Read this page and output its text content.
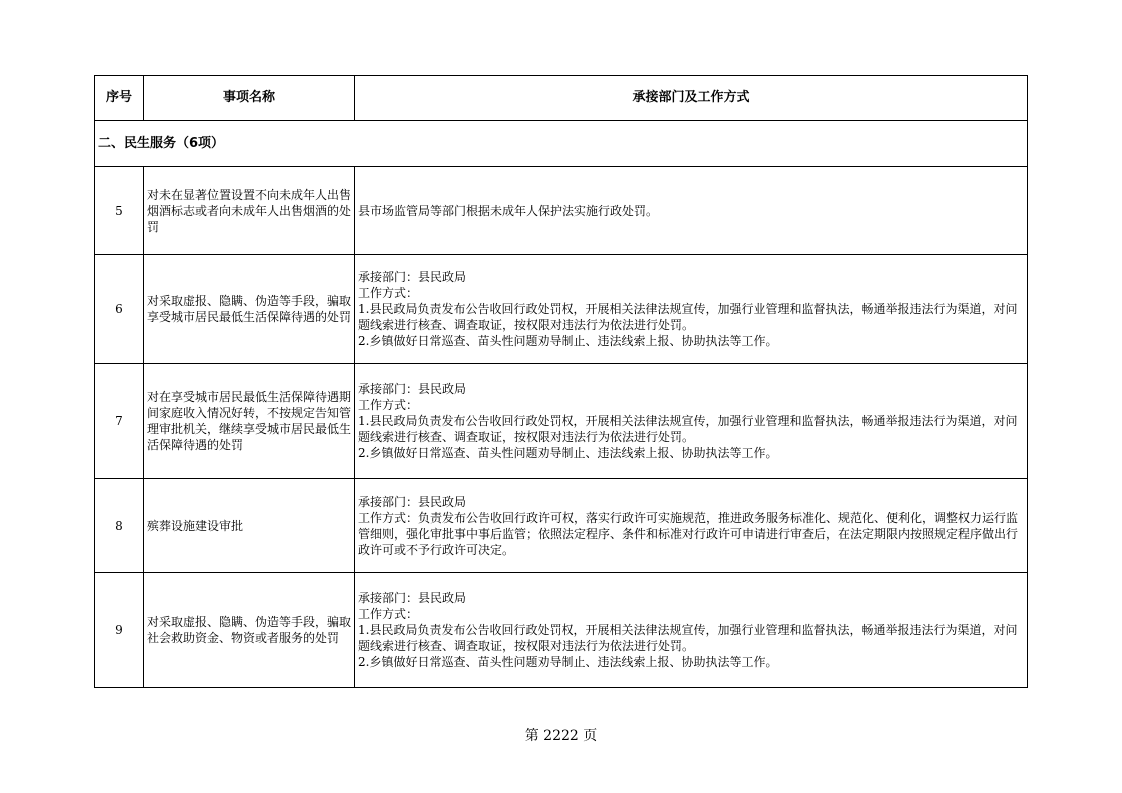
序号	事项名称	承接部门及工作方式
二、民生服务（6项）		
5	对未在显著位置设置不向未成年人出售烟酒标志或者向未成年人出售烟酒的处罚	县市场监管局等部门根据未成年人保护法实施行政处罚。

6	对采取虚报、隐瞒、伪造等手段，骗取享受城市居民最低生活保障待遇的处罚	承接部门：县民政局
工作方式：
1.县民政局负责发布公告收回行政处罚权，开展相关法律法规宣传，加强行业管理和监督执法，畅通举报违法行为渠道，对问题线索进行核查、调查取证，按权限对违法行为依法进行处罚。
2.乡镇做好日常巡查、苗头性问题劝导制止、违法线索上报、协助执法等工作。

7	对在享受城市居民最低生活保障待遇期间家庭收入情况好转，不按规定告知管理审批机关，继续享受城市居民最低生活保障待遇的处罚	承接部门：县民政局
工作方式：
1.县民政局负责发布公告收回行政处罚权，开展相关法律法规宣传，加强行业管理和监督执法，畅通举报违法行为渠道，对问题线索进行核查、调查取证，按权限对违法行为依法进行处罚。
2.乡镇做好日常巡查、苗头性问题劝导制止、违法线索上报、协助执法等工作。

8	殡葬设施建设审批	承接部门：县民政局
工作方式：负责发布公告收回行政许可权，落实行政许可实施规范，推进政务服务标准化、规范化、便利化，调整权力运行监管细则，强化审批事中事后监管；依照法定程序、条件和标准对行政许可申请进行审查后，在法定期限内按照规定程序做出行政许可或不予行政许可决定。

9	对采取虚报、隐瞒、伪造等手段，骗取社会救助资金、物资或者服务的处罚	承接部门：县民政局
工作方式：
1.县民政局负责发布公告收回行政处罚权，开展相关法律法规宣传，加强行业管理和监督执法，畅通举报违法行为渠道，对问题线索进行核查、调查取证，按权限对违法行为依法进行处罚。
2.乡镇做好日常巡查、苗头性问题劝导制止、违法线索上报、协助执法等工作。
第 2222 页
